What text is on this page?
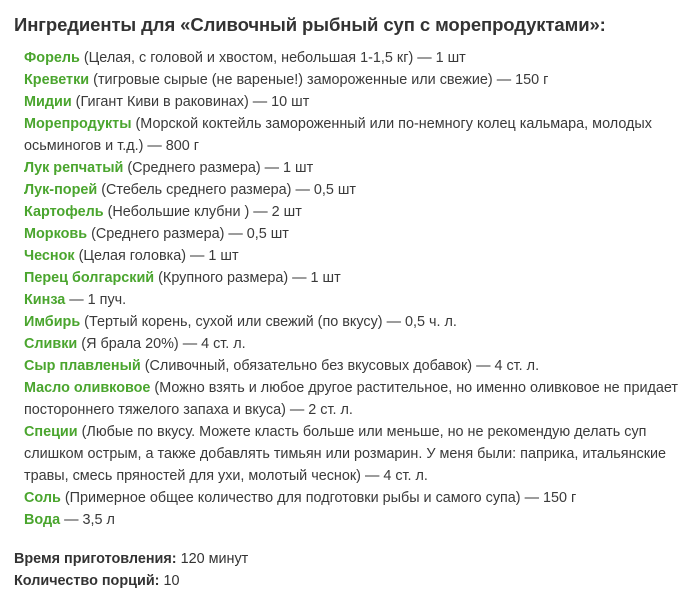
Ингредиенты для «Сливочный рыбный суп с морепродуктами»:
Форель (Целая, с головой и хвостом, небольшая 1-1,5 кг) — 1 шт
Креветки (тигровые сырые (не вареные!) замороженные или свежие) — 150 г
Мидии (Гигант Киви в раковинах) — 10 шт
Морепродукты (Морской коктейль замороженный или по-немногу колец кальмара, молодых осьминогов и т.д.) — 800 г
Лук репчатый (Среднего размера) — 1 шт
Лук-порей (Стебель среднего размера) — 0,5 шт
Картофель (Небольшие клубни ) — 2 шт
Морковь (Среднего размера) — 0,5 шт
Чеснок (Целая головка) — 1 шт
Перец болгарский (Крупного размера) — 1 шт
Кинза — 1 пуч.
Имбирь (Тертый корень, сухой или свежий (по вкусу) — 0,5 ч. л.
Сливки (Я брала 20%) — 4 ст. л.
Сыр плавленый (Сливочный, обязательно без вкусовых добавок) — 4 ст. л.
Масло оливковое (Можно взять и любое другое растительное, но именно оливковое не придает постороннего тяжелого запаха и вкуса) — 2 ст. л.
Специи (Любые по вкусу. Можете класть больше или меньше, но не рекомендую делать суп слишком острым, а также добавлять тимьян или розмарин. У меня были: паприка, итальянские травы, смесь пряностей для ухи, молотый чеснок) — 4 ст. л.
Соль (Примерное общее количество для подготовки рыбы и самого супа) — 150 г
Вода — 3,5 л
Время приготовления: 120 минут
Количество порций: 10
